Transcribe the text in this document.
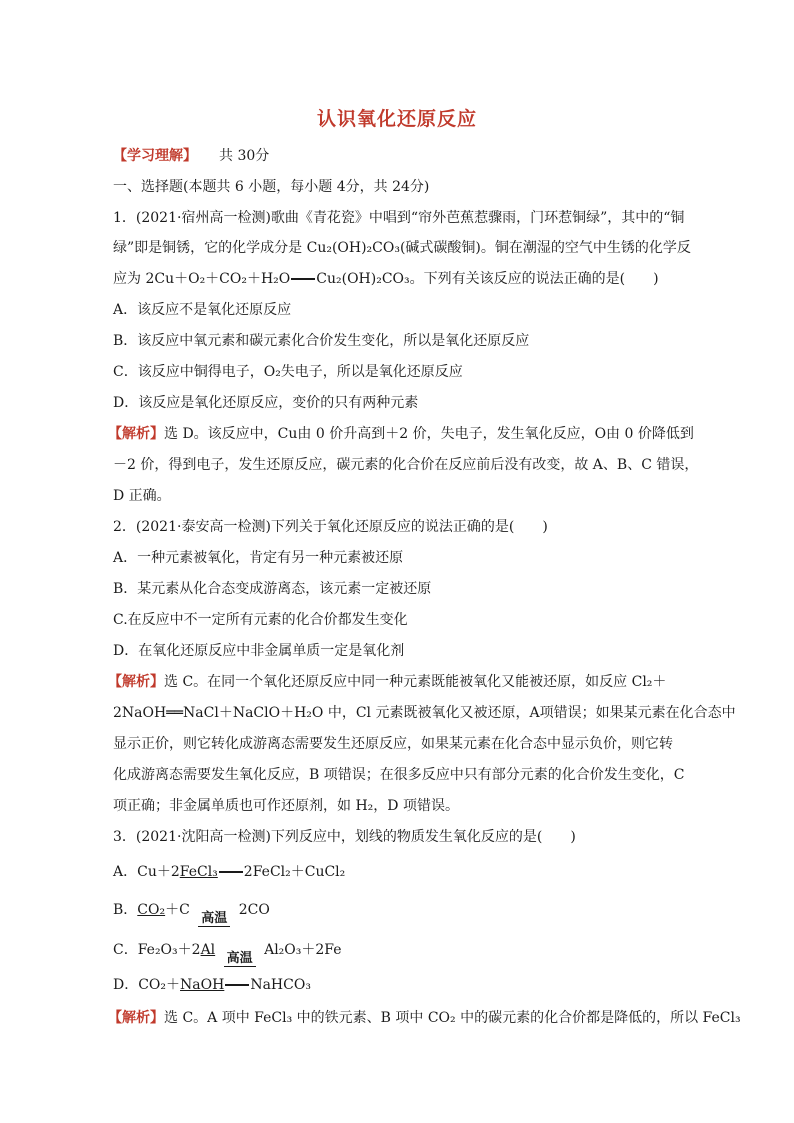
认识氧化还原反应
【学习理解】 共 30分
一、选择题(本题共 6 小题，每小题 4分，共 24分)
1．(2021·宿州高一检测)歌曲《青花瓷》中唱到“帘外芭蕉惹骤雨，门环惹铜绿”，其中的“铜
绿”即是铜锈，它的化学成分是 Cu₂(OH)₂CO₃(碱式碳酸铜)。铜在潮湿的空气中生锈的化学反
应为 2Cu＋O₂＋CO₂＋H₂O Cu₂(OH)₂CO₃。下列有关该反应的说法正确的是(　　)
A．该反应不是氧化还原反应
B．该反应中氧元素和碳元素化合价发生变化，所以是氧化还原反应
C．该反应中铜得电子，O₂失电子，所以是氧化还原反应
D．该反应是氧化还原反应，变价的只有两种元素
【解析】选 D。该反应中，Cu由 0 价升高到＋2 价，失电子，发生氧化反应，O由 0 价降低到
－2 价，得到电子，发生还原反应，碳元素的化合价在反应前后没有改变，故 A、B、C 错误，
D 正确。
2．(2021·泰安高一检测)下列关于氧化还原反应的说法正确的是(　　)
A．一种元素被氧化，肯定有另一种元素被还原
B．某元素从化合态变成游离态，该元素一定被还原
C.在反应中不一定所有元素的化合价都发生变化
D．在氧化还原反应中非金属单质一定是氧化剂
【解析】选 C。在同一个氧化还原反应中同一种元素既能被氧化又能被还原，如反应 Cl₂＋
2NaOH══NaCl＋NaClO＋H₂O 中，Cl 元素既被氧化又被还原，A项错误；如果某元素在化合态中
显示正价，则它转化成游离态需要发生还原反应，如果某元素在化合态中显示负价，则它转
化成游离态需要发生氧化反应，B 项错误；在很多反应中只有部分元素的化合价发生变化，C
项正确；非金属单质也可作还原剂，如 H₂，D 项错误。
3．(2021·沈阳高一检测)下列反应中，划线的物质发生氧化反应的是(　　)
A．Cu＋2FeCl₃ 2FeCl₂＋CuCl₂
B．CO₂＋C
高温
2CO
C．Fe₂O₃＋2Al
高温
Al₂O₃＋2Fe
D．CO₂＋NaOH NaHCO₃
【解析】选 C。A 项中 FeCl₃ 中的铁元素、B 项中 CO₂ 中的碳元素的化合价都是降低的，所以 FeCl₃
